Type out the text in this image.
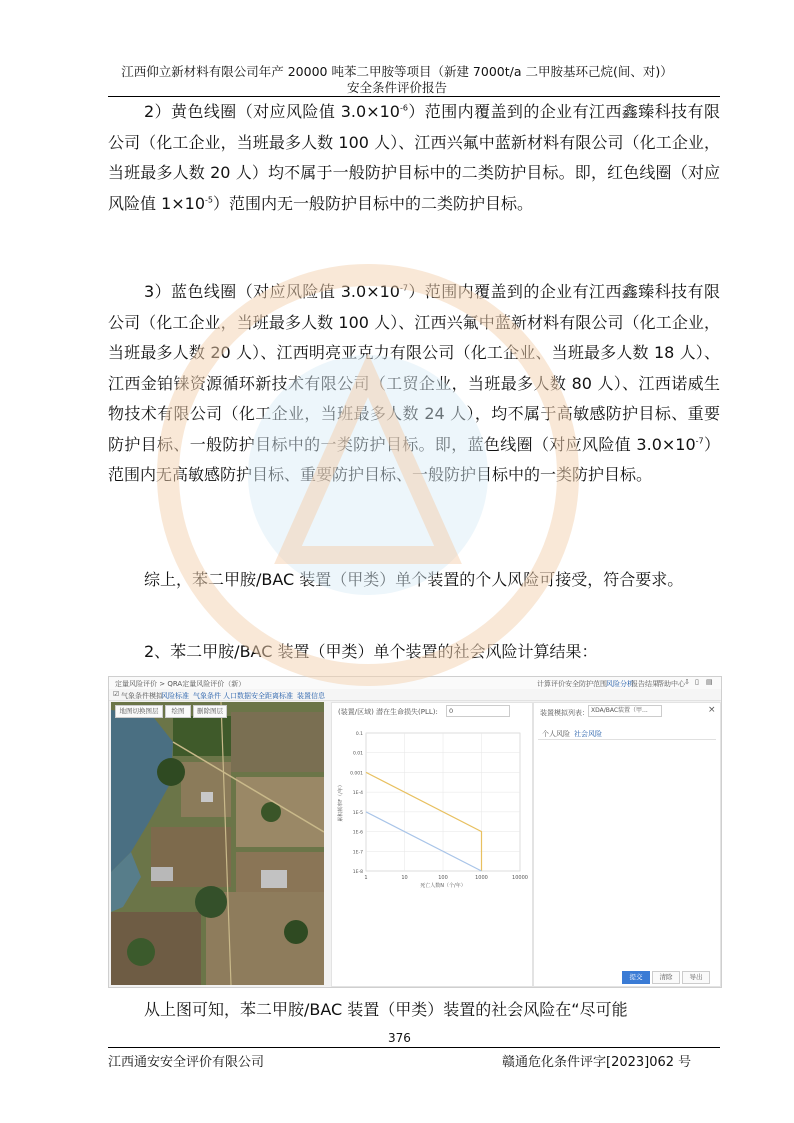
江西仰立新材料有限公司年产 20000 吨苯二甲胺等项目（新建 7000t/a 二甲胺基环己烷(间、对)）
安全条件评价报告

2）黄色线圈（对应风险值 $3.0\times 10^{-6}$）范围内覆盖到的企业有江西鑫臻科技有限公司（化工企业，当班最多人数 100 人）、江西兴氟中蓝新材料有限公司（化工企业，当班最多人数 20 人）均不属于一般防护目标中的二类防护目标。即，红色线圈（对应风险值 $1\times 10^{-5}$）范围内无一般防护目标中的二类防护目标。

3）蓝色线圈（对应风险值 $3.0\times 10^{-7}$）范围内覆盖到的企业有江西鑫臻科技有限公司（化工企业，当班最多人数 100 人）、江西兴氟中蓝新材料有限公司（化工企业，当班最多人数 20 人）、江西明亮亚克力有限公司（化工企业、当班最多人数 18 人）、江西金铂铼资源循环新技术有限公司（工贸企业，当班最多人数 80 人）、江西诺威生物技术有限公司（化工企业，当班最多人数 24 人），均不属于高敏感防护目标、重要防护目标、一般防护目标中的一类防护目标。即，蓝色线圈（对应风险值 $3.0\times 10^{-7}$）范围内无高敏感防护目标、重要防护目标、一般防护目标中的一类防护目标。

综上，苯二甲胺/BAC 装置（甲类）单个装置的个人风险可接受，符合要求。

2、苯二甲胺/BAC 装置（甲类）单个装置的社会风险计算结果：

定量风险评价 > QRA定量风险评价（新）	计算评价 安全防护范围 风险分析
报告结果
帮助中心 ⇩ ▯ ▤
☑ 气象条件模拟
风险标准 气象条件 人口数据 安全距离标准 装置信息
地图切换图层	绘图	删除图层	(装置/区域) 潜在生命损失(PLL):	0
1	10	100	1000	10000
0.1
0.01
0.001
1E-4
1E-5
1E-6
1E-7
1E-8
死亡人数N（个/年）
累积频率F（/年）
装置模拟列表： XDA/BAC装置（甲...	×
个人风险 社会风险
提交	清除	导出

从上图可知，苯二甲胺/BAC 装置（甲类）装置的社会风险在“尽可能

376
江西通安安全评价有限公司	赣通危化条件评字[2023]062 号
